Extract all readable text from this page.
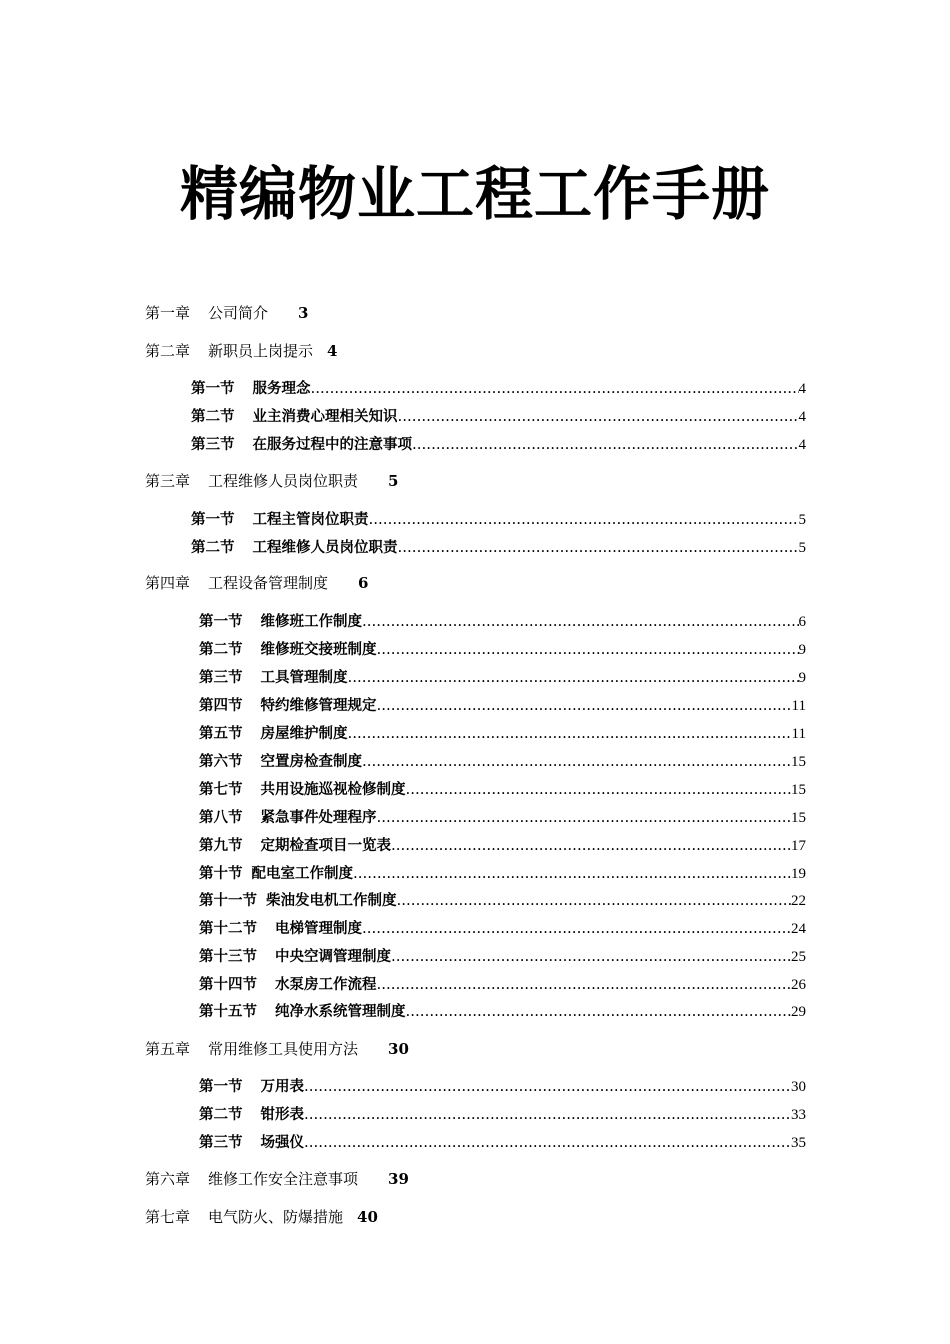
精编物业工程工作手册
第一章 公司简介 3
第二章 新职员上岗提示 4
第一节 服务理念 .....	4
第二节 业主消费心理相关知识 .....	4
第三节 在服务过程中的注意事项 .....	4
第三章 工程维修人员岗位职责 5
第一节 工程主管岗位职责 .....	5
第二节 工程维修人员岗位职责 .....	5
第四章 工程设备管理制度 6
第一节 维修班工作制度 .....	6
第二节 维修班交接班制度 .....	9
第三节 工具管理制度 .....	9
第四节 特约维修管理规定 .....	11
第五节 房屋维护制度 .....	11
第六节 空置房检查制度 .....	15
第七节 共用设施巡视检修制度 .....	15
第八节 紧急事件处理程序 .....	15
第九节 定期检查项目一览表 .....	17
第十节 配电室工作制度 .....	19
第十一节 柴油发电机工作制度 .....	22
第十二节 电梯管理制度 .....	24
第十三节 中央空调管理制度 .....	25
第十四节 水泵房工作流程 .....	26
第十五节 纯净水系统管理制度 .....	29
第五章 常用维修工具使用方法 30
第一节 万用表 .....	30
第二节 钳形表 .....	33
第三节 场强仪 .....	35
第六章 维修工作安全注意事项 39
第七章 电气防火、防爆措施 40
